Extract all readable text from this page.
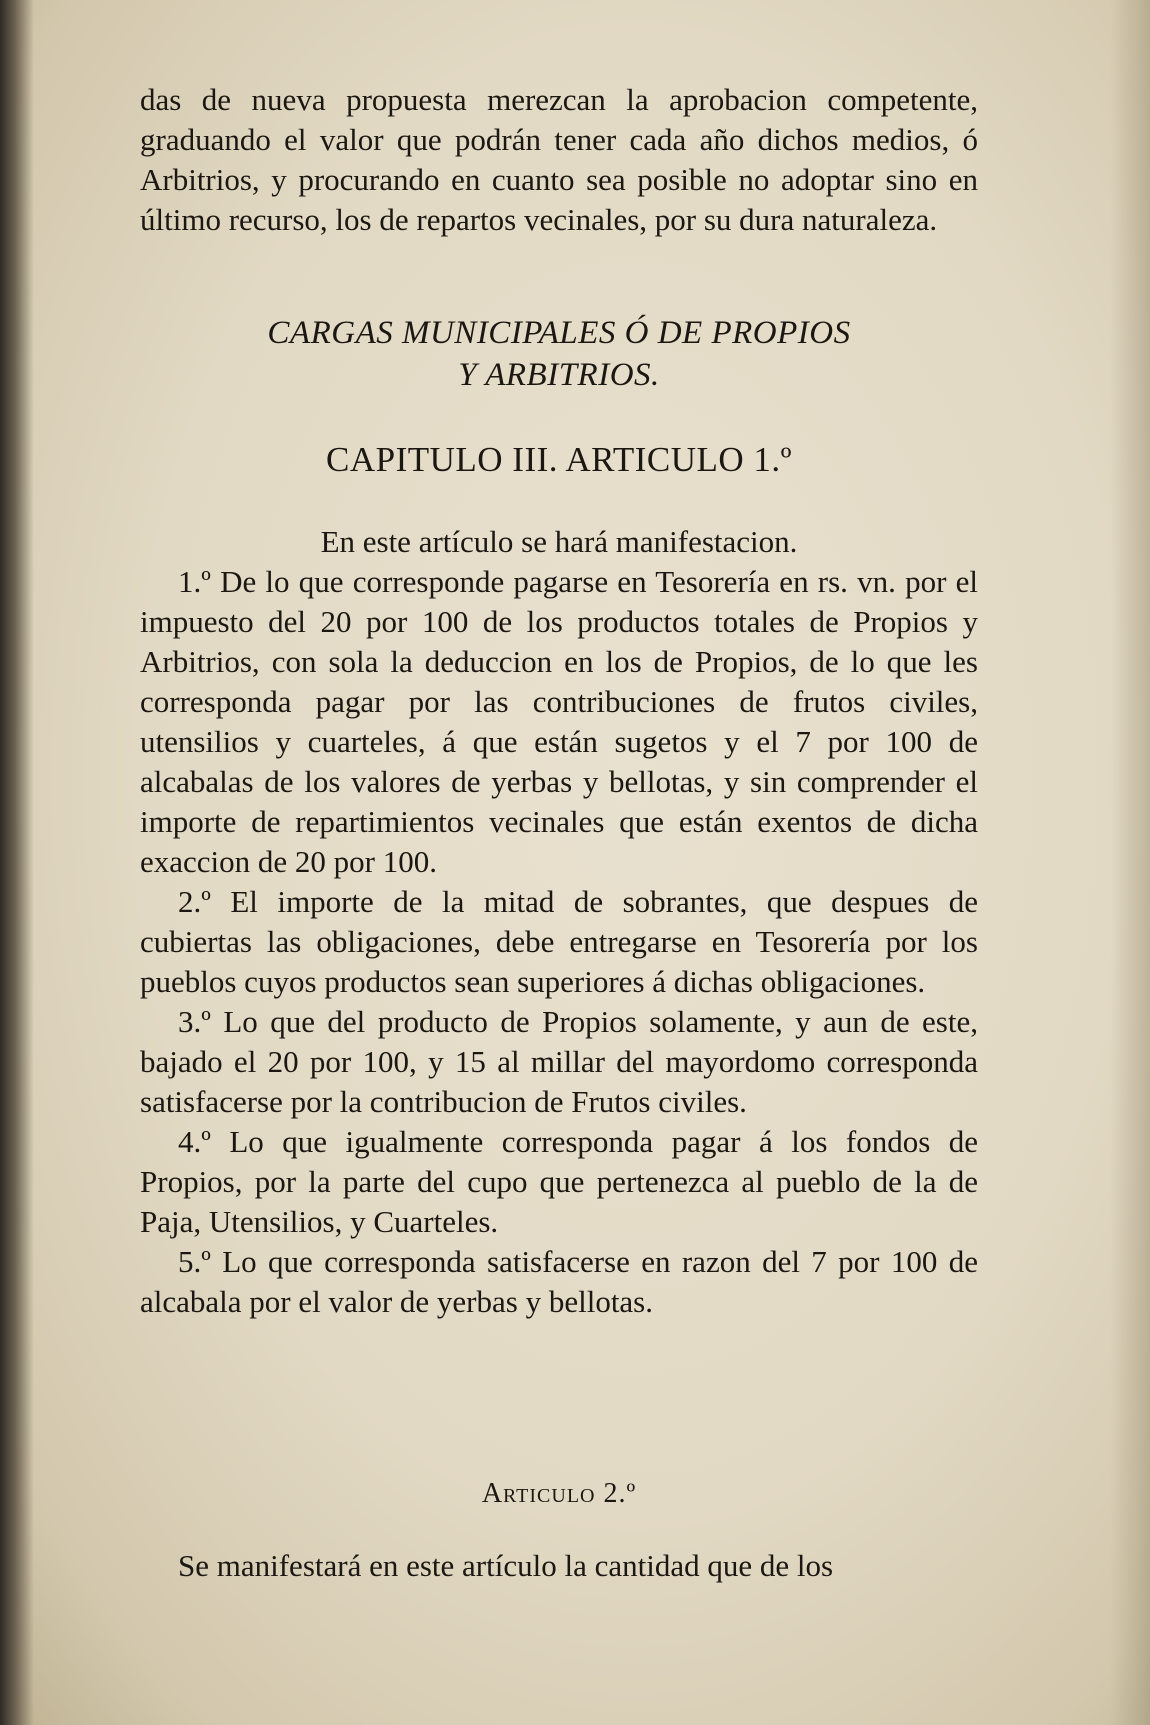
das de nueva propuesta merezcan la aprobacion competente, graduando el valor que podrán tener cada año dichos medios, ó Arbitrios, y procurando en cuanto sea posible no adoptar sino en último recurso, los de repartos vecinales, por su dura naturaleza.

CARGAS MUNICIPALES Ó DE PROPIOS
Y ARBITRIOS.
CAPITULO III. ARTICULO 1.º

En este artículo se hará manifestacion.

1.º De lo que corresponde pagarse en Tesorería en rs. vn. por el impuesto del 20 por 100 de los productos totales de Propios y Arbitrios, con sola la deduccion en los de Propios, de lo que les corresponda pagar por las contribuciones de frutos civiles, utensilios y cuarteles, á que están sugetos y el 7 por 100 de alcabalas de los valores de yerbas y bellotas, y sin comprender el importe de repartimientos vecinales que están exentos de dicha exaccion de 20 por 100.

2.º El importe de la mitad de sobrantes, que despues de cubiertas las obligaciones, debe entregarse en Tesorería por los pueblos cuyos productos sean superiores á dichas obligaciones.

3.º Lo que del producto de Propios solamente, y aun de este, bajado el 20 por 100, y 15 al millar del mayordomo corresponda satisfacerse por la contribucion de Frutos civiles.

4.º Lo que igualmente corresponda pagar á los fondos de Propios, por la parte del cupo que pertenezca al pueblo de la de Paja, Utensilios, y Cuarteles.

5.º Lo que corresponda satisfacerse en razon del 7 por 100 de alcabala por el valor de yerbas y bellotas.

Articulo 2.º

Se manifestará en este artículo la cantidad que de los
